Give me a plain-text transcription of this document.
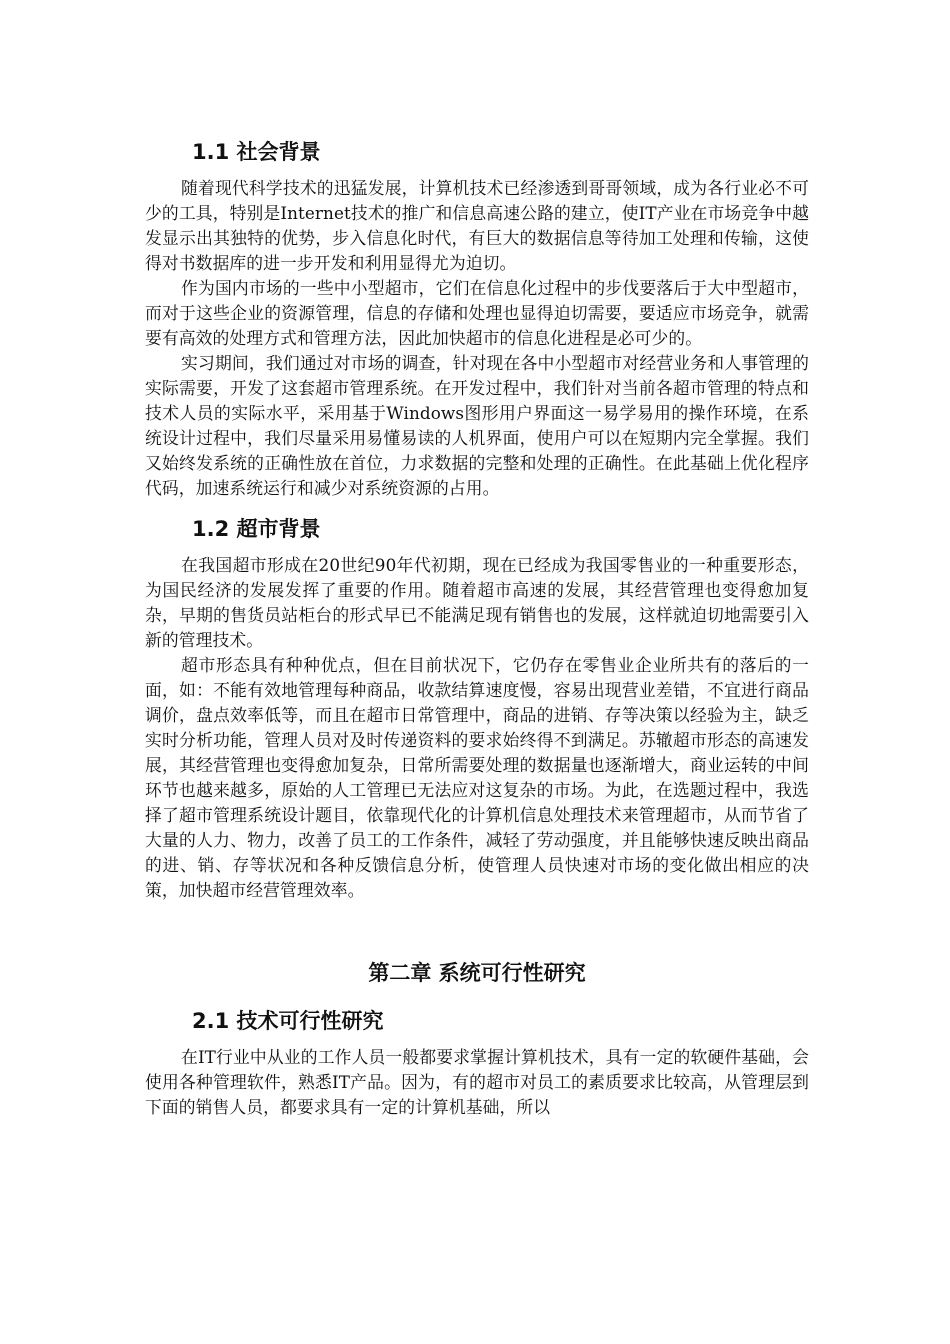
1.1 社会背景

随着现代科学技术的迅猛发展，计算机技术已经渗透到哥哥领域，成为各行业必不可少的工具，特别是Internet技术的推广和信息高速公路的建立，使IT产业在市场竞争中越发显示出其独特的优势，步入信息化时代，有巨大的数据信息等待加工处理和传输，这使得对书数据库的进一步开发和利用显得尤为迫切。

作为国内市场的一些中小型超市，它们在信息化过程中的步伐要落后于大中型超市，而对于这些企业的资源管理，信息的存储和处理也显得迫切需要，要适应市场竞争，就需要有高效的处理方式和管理方法，因此加快超市的信息化进程是必可少的。

实习期间，我们通过对市场的调查，针对现在各中小型超市对经营业务和人事管理的实际需要，开发了这套超市管理系统。在开发过程中，我们针对当前各超市管理的特点和技术人员的实际水平，采用基于Windows图形用户界面这一易学易用的操作环境，在系统设计过程中，我们尽量采用易懂易读的人机界面，使用户可以在短期内完全掌握。我们又始终发系统的正确性放在首位，力求数据的完整和处理的正确性。在此基础上优化程序代码，加速系统运行和减少对系统资源的占用。

1.2 超市背景

在我国超市形成在20世纪90年代初期，现在已经成为我国零售业的一种重要形态，为国民经济的发展发挥了重要的作用。随着超市高速的发展，其经营管理也变得愈加复杂，早期的售货员站柜台的形式早已不能满足现有销售也的发展，这样就迫切地需要引入新的管理技术。

超市形态具有种种优点，但在目前状况下，它仍存在零售业企业所共有的落后的一面，如：不能有效地管理每种商品，收款结算速度慢，容易出现营业差错，不宜进行商品调价，盘点效率低等，而且在超市日常管理中，商品的进销、存等决策以经验为主，缺乏实时分析功能，管理人员对及时传递资料的要求始终得不到满足。苏辙超市形态的高速发展，其经营管理也变得愈加复杂，日常所需要处理的数据量也逐渐增大，商业运转的中间环节也越来越多，原始的人工管理已无法应对这复杂的市场。为此，在选题过程中，我选择了超市管理系统设计题目，依靠现代化的计算机信息处理技术来管理超市，从而节省了大量的人力、物力，改善了员工的工作条件，减轻了劳动强度，并且能够快速反映出商品的进、销、存等状况和各种反馈信息分析，使管理人员快速对市场的变化做出相应的决策，加快超市经营管理效率。

第二章 系统可行性研究
2.1 技术可行性研究

在IT行业中从业的工作人员一般都要求掌握计算机技术，具有一定的软硬件基础，会使用各种管理软件，熟悉IT产品。因为，有的超市对员工的素质要求比较高，从管理层到下面的销售人员，都要求具有一定的计算机基础，所以
